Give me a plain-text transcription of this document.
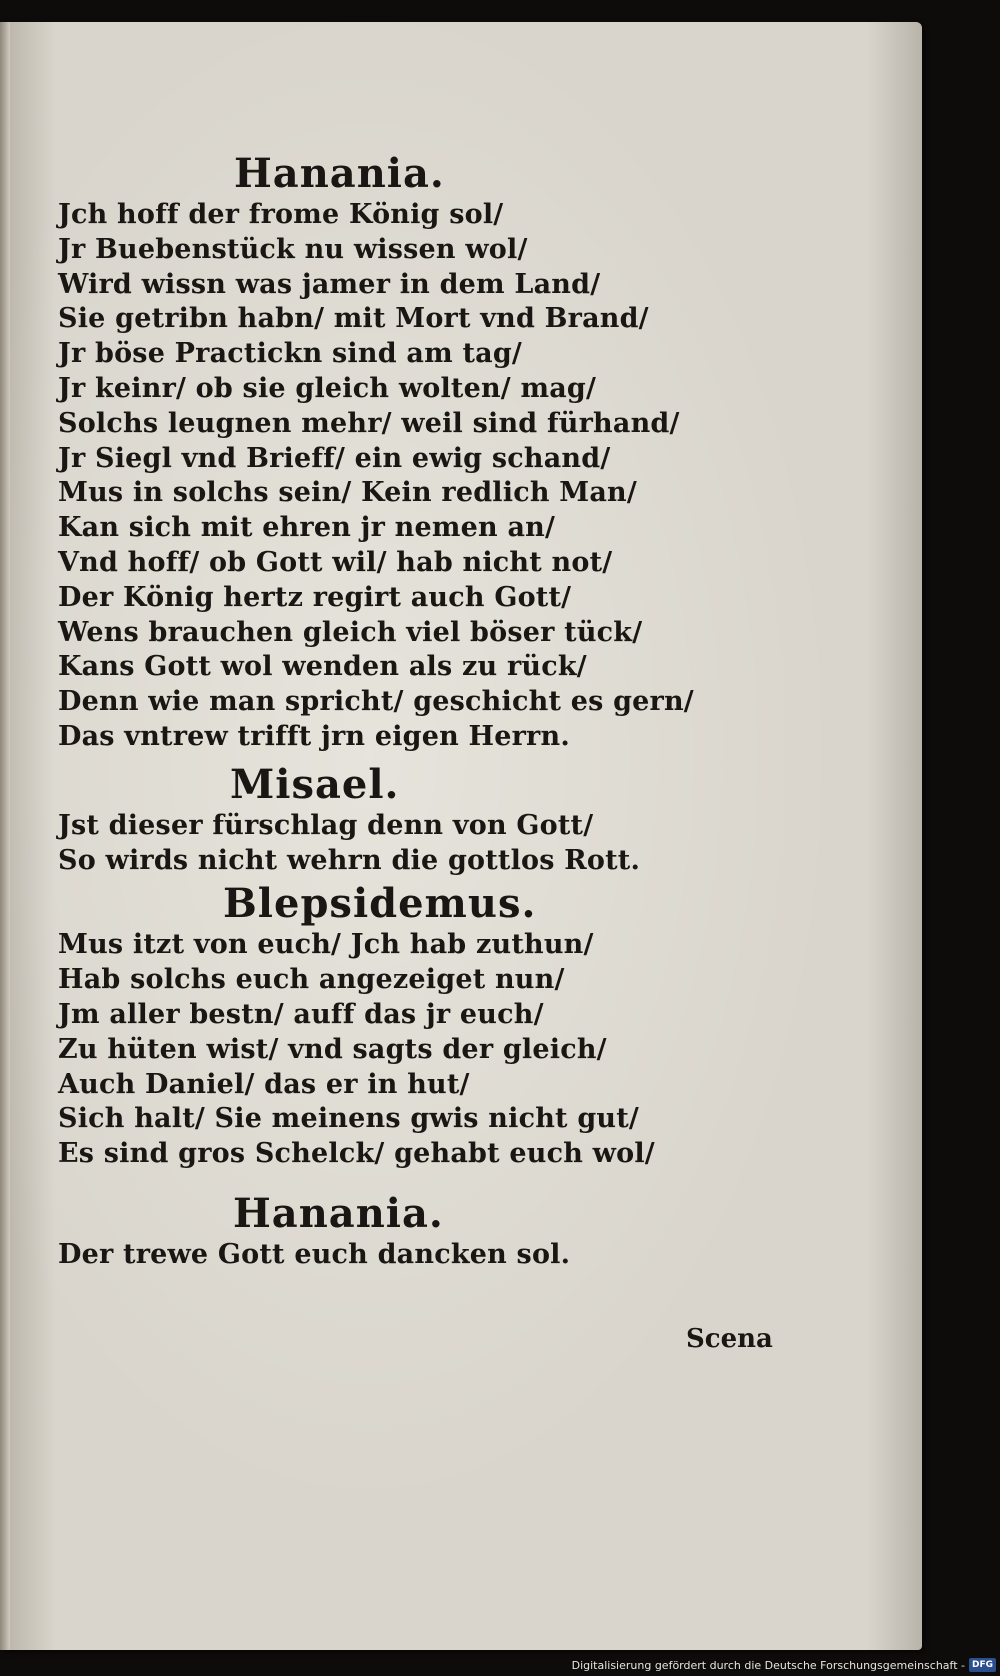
Hanania.
Jch hoff der frome König sol/
Jr Buebenstück nu wissen wol/
Wird wissn was jamer in dem Land/
Sie getribn habn/ mit Mort vnd Brand/
Jr böse Practickn sind am tag/
Jr keinr/ ob sie gleich wolten/ mag/
Solchs leugnen mehr/ weil sind fürhand/
Jr Siegl vnd Brieff/ ein ewig schand/
Mus in solchs sein/ Kein redlich Man/
Kan sich mit ehren jr nemen an/
Vnd hoff/ ob Gott wil/ hab nicht not/
Der König hertz regirt auch Gott/
Wens brauchen gleich viel böser tück/
Kans Gott wol wenden als zu rück/
Denn wie man spricht/ geschicht es gern/
Das vntrew trifft jrn eigen Herrn.
Misael.
Jst dieser fürschlag denn von Gott/
So wirds nicht wehrn die gottlos Rott.
Blepsidemus.
Mus itzt von euch/ Jch hab zuthun/
Hab solchs euch angezeiget nun/
Jm aller bestn/ auff das jr euch/
Zu hüten wist/ vnd sagts der gleich/
Auch Daniel/ das er in hut/
Sich halt/ Sie meinens gwis nicht gut/
Es sind gros Schelck/ gehabt euch wol/
Hanania.
Der trewe Gott euch dancken sol.
Scena
Digitalisierung gefördert durch die Deutsche Forschungsgemeinschaft - DFG
